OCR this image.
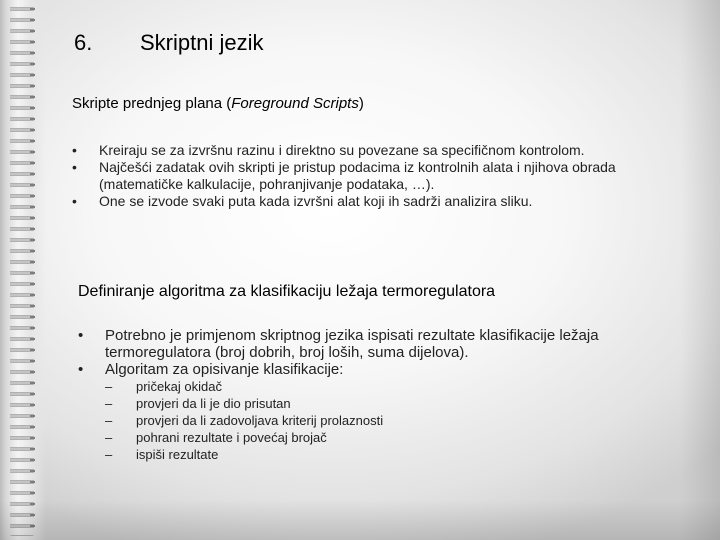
6. Skriptni jezik
Skripte prednjeg plana (Foreground Scripts)
• Kreiraju se za izvršnu razinu i direktno su povezane sa specifičnom kontrolom.
• Najčešći zadatak ovih skripti je pristup podacima iz kontrolnih alata i njihova obrada (matematičke kalkulacije, pohranjivanje podataka, …).
• One se izvode svaki puta kada izvršni alat koji ih sadrži analizira sliku.
Definiranje algoritma za klasifikaciju ležaja termoregulatora
• Potrebno je primjenom skriptnog jezika ispisati rezultate klasifikacije ležaja termoregulatora (broj dobrih, broj loših, suma dijelova).
• Algoritam za opisivanje klasifikacije:
– pričekaj okidač
– provjeri da li je dio prisutan
– provjeri da li zadovoljava kriterij prolaznosti
– pohrani rezultate i povećaj brojač
– ispiši rezultate
